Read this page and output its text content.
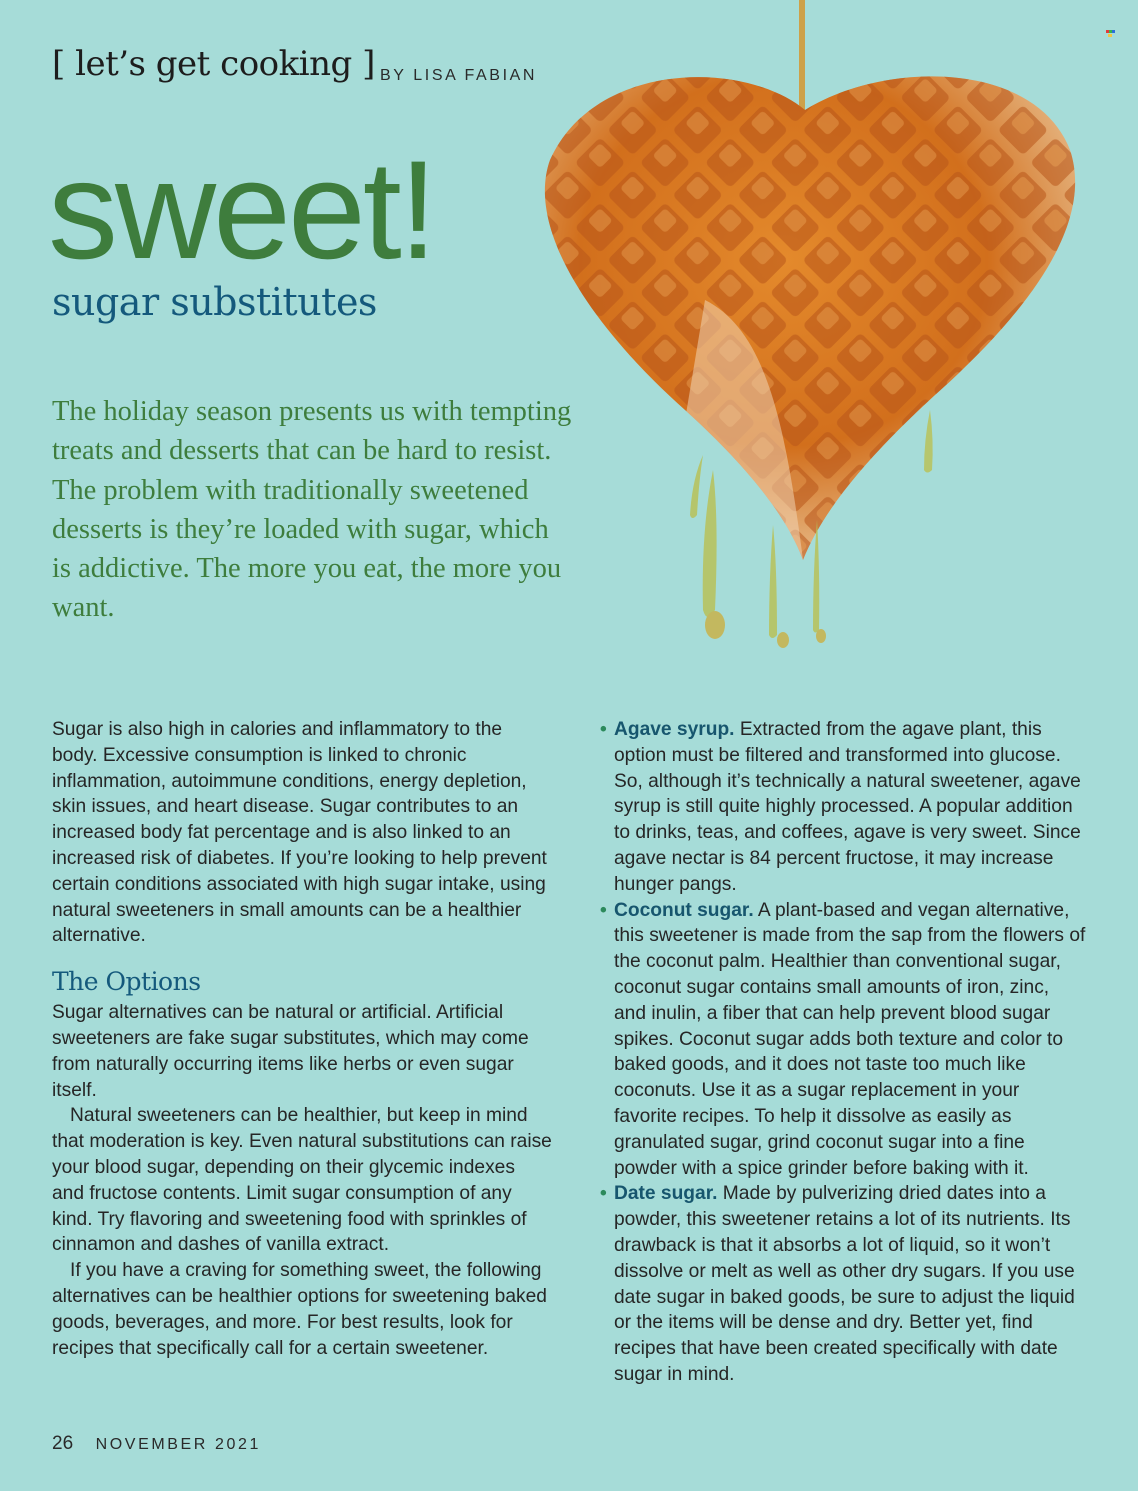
[ let’s get cooking ] BY LISA FABIAN
sweet!
sugar substitutes

The holiday season presents us with tempting treats and desserts that can be hard to resist. The problem with traditionally sweetened desserts is they’re loaded with sugar, which is addictive. The more you eat, the more you want.

Sugar is also high in calories and inflammatory to the body. Excessive consumption is linked to chronic inflammation, autoimmune conditions, energy depletion, skin issues, and heart disease. Sugar contributes to an increased body fat percentage and is also linked to an increased risk of diabetes. If you’re looking to help prevent certain conditions associated with high sugar intake, using natural sweeteners in small amounts can be a healthier alternative.

The Options

Sugar alternatives can be natural or artificial. Artificial sweeteners are fake sugar substitutes, which may come from naturally occurring items like herbs or even sugar itself.

Natural sweeteners can be healthier, but keep in mind that moderation is key. Even natural substitutions can raise your blood sugar, depending on their glycemic indexes and fructose contents. Limit sugar consumption of any kind. Try flavoring and sweetening food with sprinkles of cinnamon and dashes of vanilla extract.

If you have a craving for something sweet, the following alternatives can be healthier options for sweetening baked goods, beverages, and more. For best results, look for recipes that specifically call for a certain sweetener.

• Agave syrup. Extracted from the agave plant, this option must be filtered and transformed into glucose. So, although it’s technically a natural sweetener, agave syrup is still quite highly processed. A popular addition to drinks, teas, and coffees, agave is very sweet. Since agave nectar is 84 percent fructose, it may increase hunger pangs.

• Coconut sugar. A plant-based and vegan alternative, this sweetener is made from the sap from the flowers of the coconut palm. Healthier than conventional sugar, coconut sugar contains small amounts of iron, zinc, and inulin, a fiber that can help prevent blood sugar spikes. Coconut sugar adds both texture and color to baked goods, and it does not taste too much like coconuts. Use it as a sugar replacement in your favorite recipes. To help it dissolve as easily as granulated sugar, grind coconut sugar into a fine powder with a spice grinder before baking with it.

• Date sugar. Made by pulverizing dried dates into a powder, this sweetener retains a lot of its nutrients. Its drawback is that it absorbs a lot of liquid, so it won’t dissolve or melt as well as other dry sugars. If you use date sugar in baked goods, be sure to adjust the liquid or the items will be dense and dry. Better yet, find recipes that have been created specifically with date sugar in mind.

26 NOVEMBER 2021
